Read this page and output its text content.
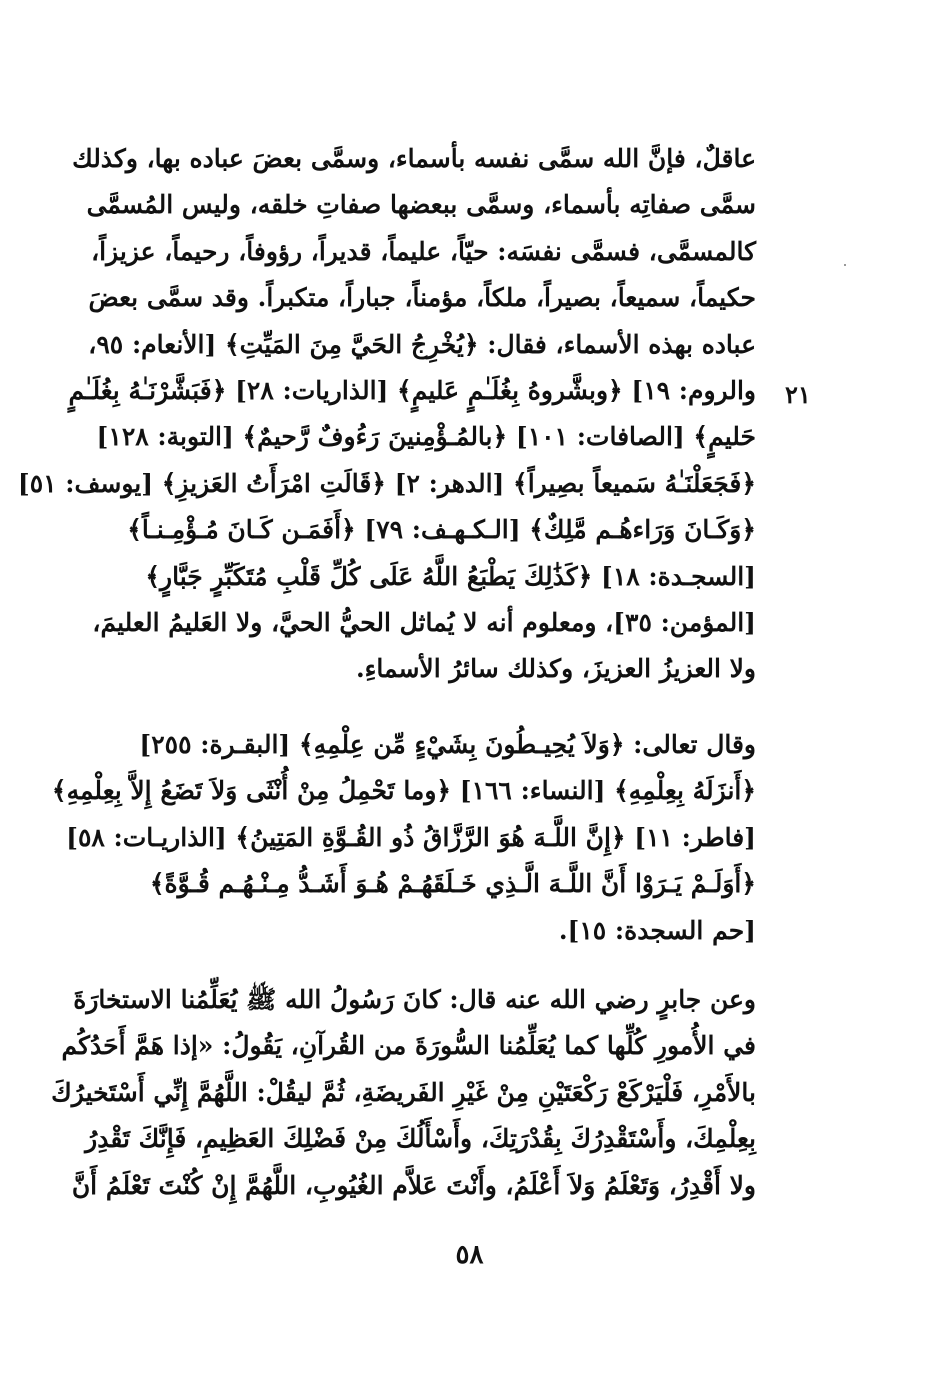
٢١
عاقلٌ، فإنَّ الله سمَّى نفسه بأسماء، وسمَّى بعضَ عباده بها، وكذلك
سمَّى صفاتِه بأسماء، وسمَّى ببعضها صفاتِ خلقه، وليس المُسمَّى
كالمسمَّى، فسمَّى نفسَه: حيّاً، عليماً، قديراً، رؤوفاً، رحيماً، عزيزاً،
حكيماً، سميعاً، بصيراً، ملكاً، مؤمناً، جباراً، متكبراً. وقد سمَّى بعضَ
عباده بهذه الأسماء، فقال: ﴿يُخْرِجُ الحَيَّ مِنَ المَيِّتِ﴾ [الأنعام: ٩٥،
والروم: ١٩] ﴿وبشَّروهُ بِغُلَـٰمٍ عَليمٍ﴾ [الذاريات: ٢٨] ﴿فَبَشَّرْنَـٰهُ بِغُلَـٰمٍ
حَليمٍ﴾ [الصافات: ١٠١] ﴿بالمُـؤْمِنينَ رَءُوفٌ رَّحيمٌ﴾ [التوبة: ١٢٨]
﴿فَجَعَلْنَـٰهُ سَميعاً بصِيراً﴾ [الدهر: ٢] ﴿قَالَتِ امْرَأَتُ العَزيزِ﴾ [يوسف: ٥١]
﴿وَكَـانَ وَرَاءهُـم مَّلِكٌ﴾ [الـكـهـف: ٧٩] ﴿أَفَمَـن كَـانَ مُـؤْمِـنـاً﴾
[السجـدة: ١٨] ﴿كَذَٰلِكَ يَطْبَعُ اللَّهُ عَلَى كُلِّ قَلْبِ مُتَكَبِّرٍ جَبَّارٍ﴾
[المؤمن: ٣٥]، ومعلوم أنه لا يُماثل الحيُّ الحيَّ، ولا العَليمُ العليمَ،
ولا العزيزُ العزيزَ، وكذلك سائرُ الأسماءِ.
وقال تعالى: ﴿وَلاَ يُحِيـطُونَ بِشَيْءٍ مِّن عِلْمِهِ﴾ [البقـرة: ٢٥٥]
﴿أَنزَلَهُ بِعِلْمِهِ﴾ [النساء: ١٦٦] ﴿وما تَحْمِلُ مِنْ أُنْثَى وَلاَ تَضَعُ إِلاَّ بِعِلْمِهِ﴾
[فاطر: ١١] ﴿إِنَّ اللَّـهَ هُوَ الرَّزَّاقُ ذُو القُـوَّةِ المَتِينُ﴾ [الذاريـات: ٥٨]
﴿أَوَلَـمْ يَـرَوْا أَنَّ اللَّـهَ الَّـذِي خَـلَقَهُـمْ هُـوَ أَشَـدُّ مِـنْـهُـم قُـوَّةً﴾
[حم السجدة: ١٥].
وعن جابرٍ رضي الله عنه قال: كانَ رَسُولُ الله ﷺ يُعَلِّمُنا الاستخارَةَ
في الأُمورِ كُلِّها كما يُعَلِّمُنا السُّورَةَ من القُرآنِ، يَقُولُ: «إذا هَمَّ أَحَدُكُم
بالأَمْرِ، فَلْيَرْكَعْ رَكْعَتَيْنِ مِنْ غَيْرِ الفَريضَةِ، ثُمَّ ليقُلْ: اللَّهُمَّ إِنِّي أَسْتَخيرُكَ
بِعِلْمِكَ، وأَسْتَقْدِرُكَ بِقُدْرَتِكَ، وأَسْأَلُكَ مِنْ فَضْلِكَ العَظِيمِ، فَإِنَّكَ تَقْدِرُ
ولا أَقْدِرُ، وَتَعْلَمُ وَلاَ أَعْلَمُ، وأَنْتَ عَلاَّم الغُيُوبِ، اللَّهُمَّ إِنْ كُنْتَ تَعْلَمُ أَنَّ
٥٨
